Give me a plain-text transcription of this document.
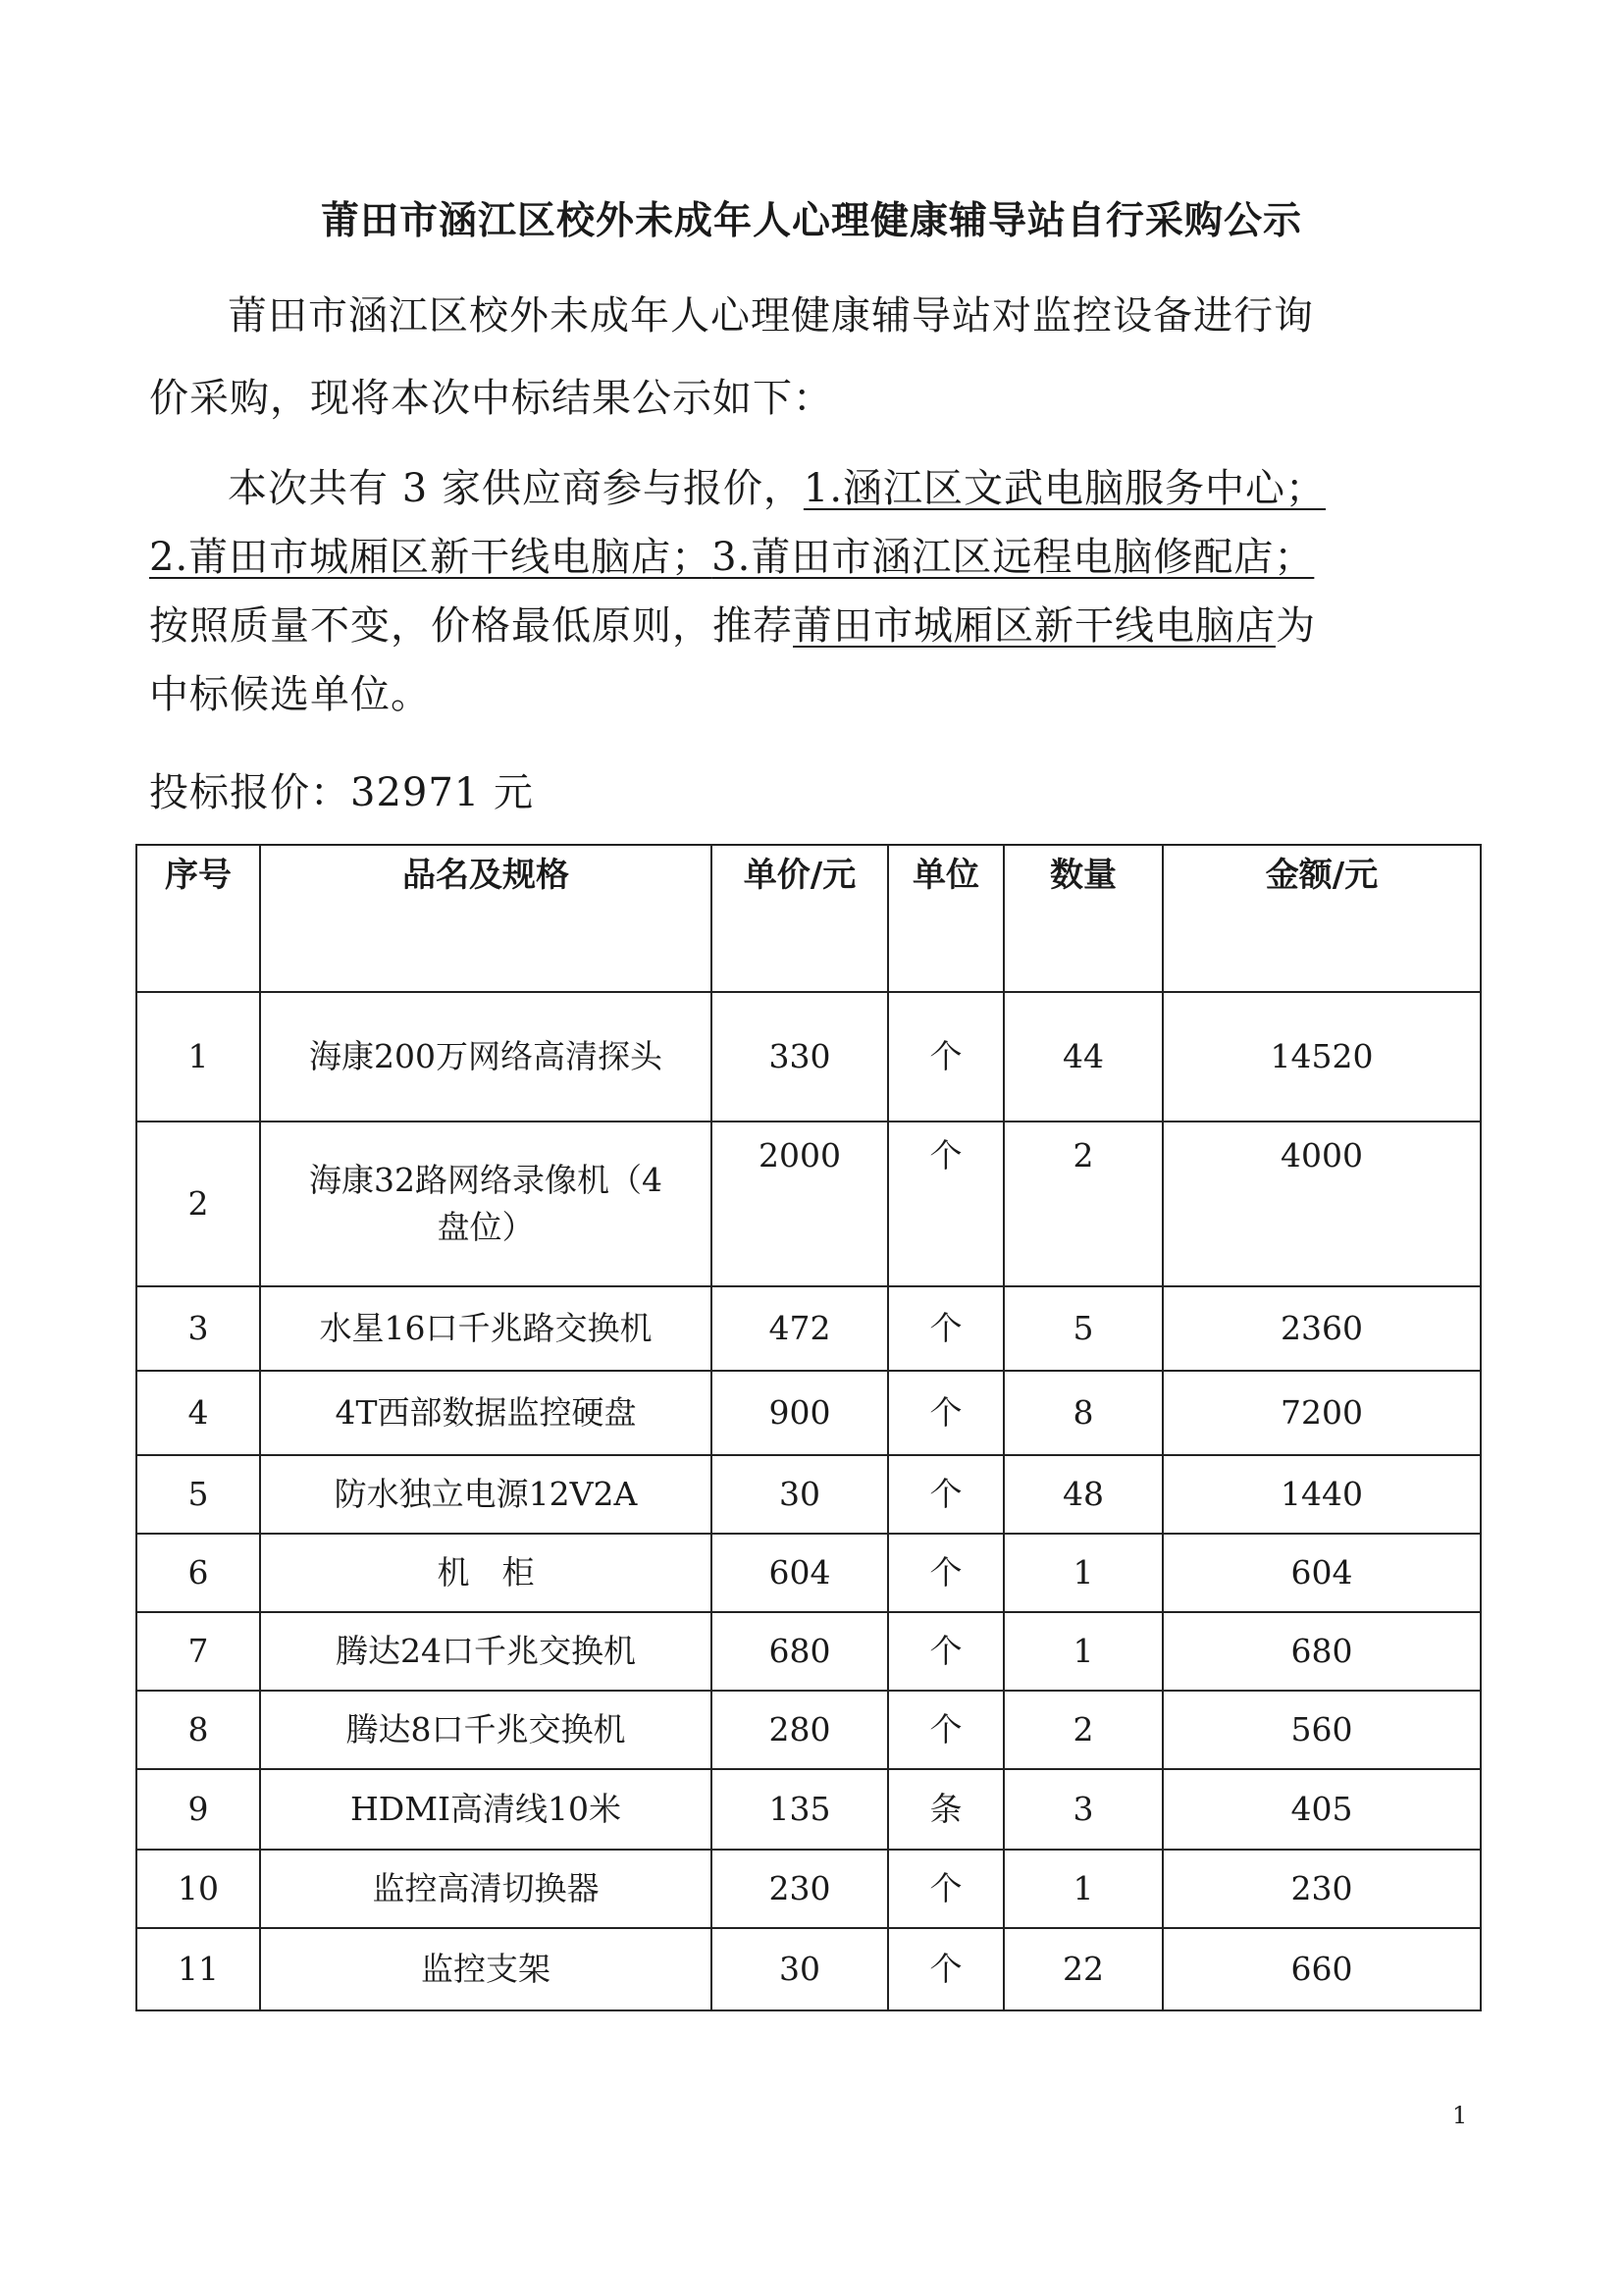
莆田市涵江区校外未成年人心理健康辅导站自行采购公示
莆田市涵江区校外未成年人心理健康辅导站对监控设备进行询
价采购，现将本次中标结果公示如下：
本次共有 3 家供应商参与报价，1.涵江区文武电脑服务中心；
2.莆田市城厢区新干线电脑店；3.莆田市涵江区远程电脑修配店；
按照质量不变，价格最低原则，推荐莆田市城厢区新干线电脑店为
中标候选单位。
投标报价：32971 元
序号	品名及规格	单价/元	单位	数量	金额/元
1	海康200万网络高清探头	330	个	44	14520
2	海康32路网络录像机（4盘位）	2000	个	2	4000
3	水星16口千兆路交换机	472	个	5	2360
4	4T西部数据监控硬盘	900	个	8	7200
5	防水独立电源12V2A	30	个	48	1440
6	机　柜	604	个	1	604
7	腾达24口千兆交换机	680	个	1	680
8	腾达8口千兆交换机	280	个	2	560
9	HDMI高清线10米	135	条	3	405
10	监控高清切换器	230	个	1	230
11	监控支架	30	个	22	660
1
